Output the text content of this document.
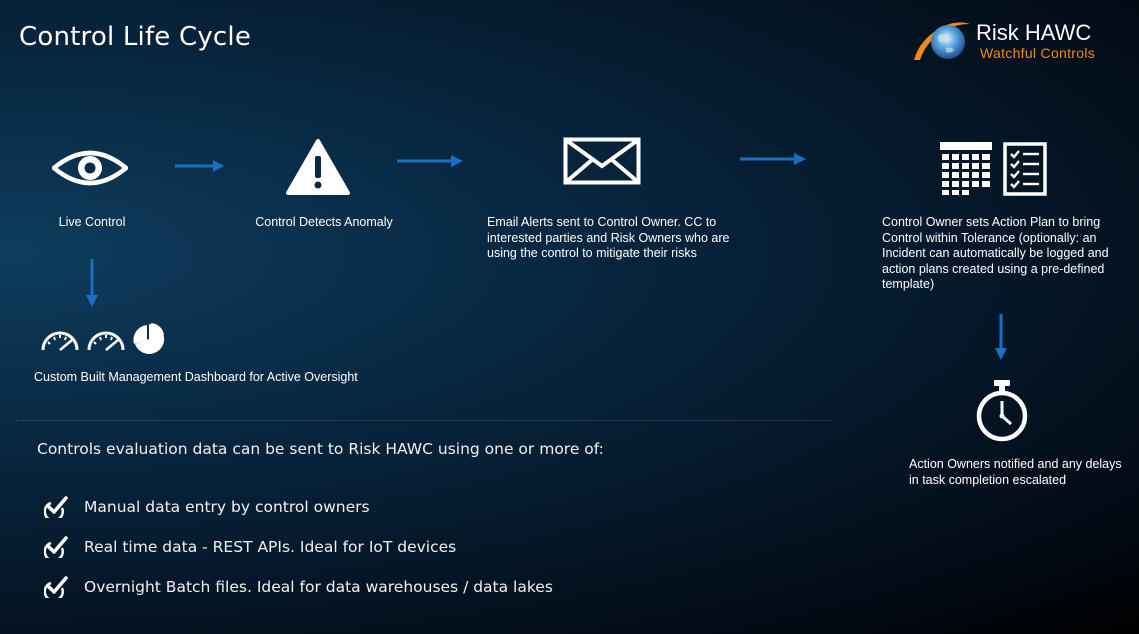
Control Life Cycle	Risk HAWC
Watchful Controls
Live Control	Control Detects Anomaly	Email Alerts sent to Control Owner. CC to interested parties and Risk Owners who are using the control to mitigate their risks
Control Owner sets Action Plan to bring Control within Tolerance (optionally: an Incident can automatically be logged and action plans created using a pre-defined template)
Action Owners notified and any delays in task completion escalated
Custom Built Management Dashboard for Active Oversight
Controls evaluation data can be sent to Risk HAWC using one or more of:
Manual data entry by control owners
Real time data - REST APIs. Ideal for IoT devices
Overnight Batch files. Ideal for data warehouses / data lakes
